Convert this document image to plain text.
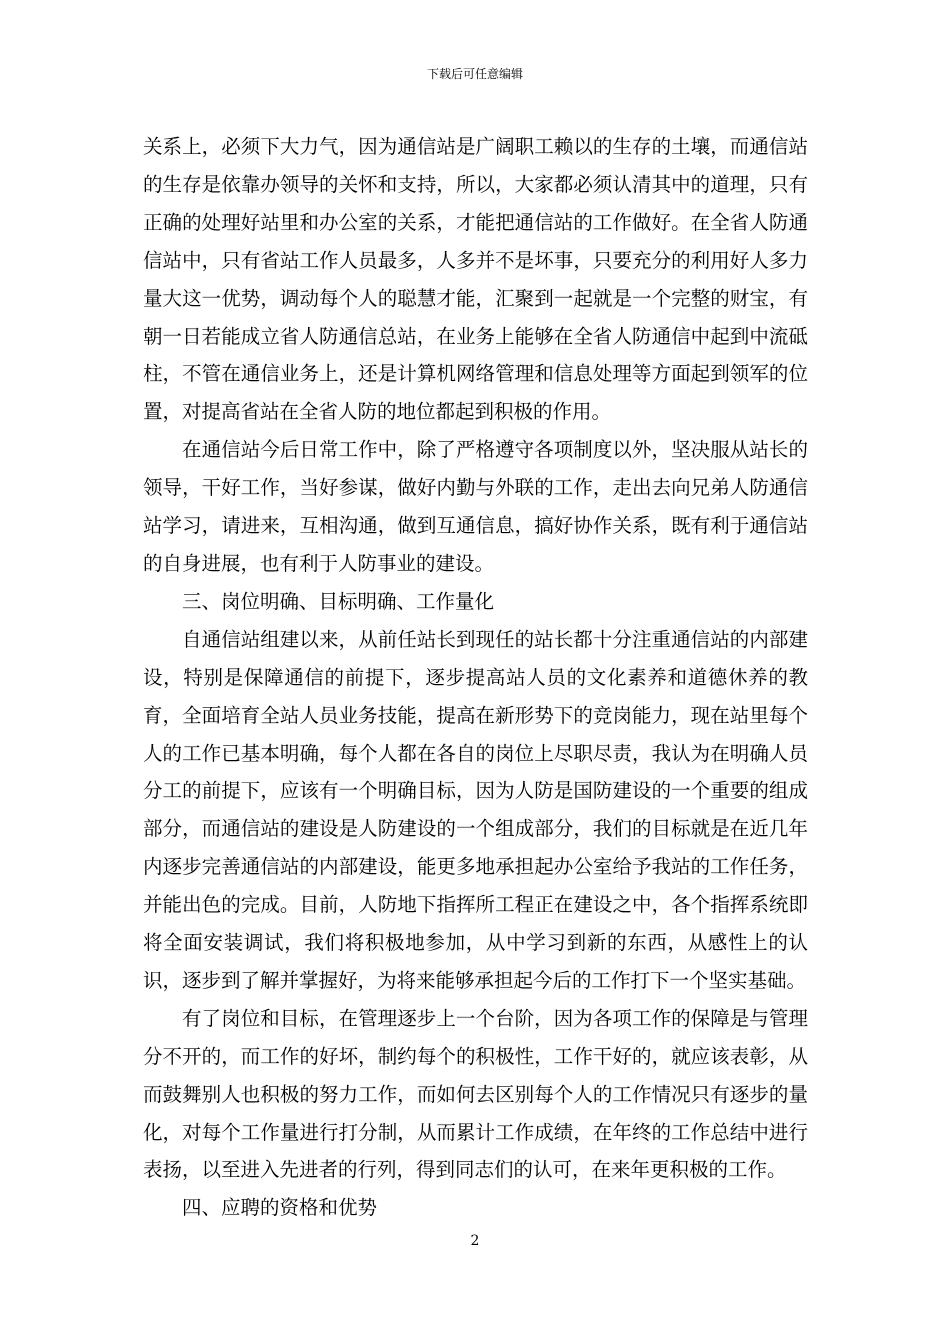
下载后可任意编辑

关系上，必须下大力气，因为通信站是广阔职工赖以的生存的土壤，而通信站的生存是依靠办领导的关怀和支持，所以，大家都必须认清其中的道理，只有正确的处理好站里和办公室的关系，才能把通信站的工作做好。在全省人防通信站中，只有省站工作人员最多，人多并不是坏事，只要充分的利用好人多力量大这一优势，调动每个人的聪慧才能，汇聚到一起就是一个完整的财宝，有朝一日若能成立省人防通信总站，在业务上能够在全省人防通信中起到中流砥柱，不管在通信业务上，还是计算机网络管理和信息处理等方面起到领军的位置，对提高省站在全省人防的地位都起到积极的作用。

在通信站今后日常工作中，除了严格遵守各项制度以外，坚决服从站长的领导，干好工作，当好参谋，做好内勤与外联的工作，走出去向兄弟人防通信站学习，请进来，互相沟通，做到互通信息，搞好协作关系，既有利于通信站的自身进展，也有利于人防事业的建设。

三、岗位明确、目标明确、工作量化

自通信站组建以来，从前任站长到现任的站长都十分注重通信站的内部建设，特别是保障通信的前提下，逐步提高站人员的文化素养和道德休养的教育，全面培育全站人员业务技能，提高在新形势下的竞岗能力，现在站里每个人的工作已基本明确，每个人都在各自的岗位上尽职尽责，我认为在明确人员分工的前提下，应该有一个明确目标，因为人防是国防建设的一个重要的组成部分，而通信站的建设是人防建设的一个组成部分，我们的目标就是在近几年内逐步完善通信站的内部建设，能更多地承担起办公室给予我站的工作任务，并能出色的完成。目前，人防地下指挥所工程正在建设之中，各个指挥系统即将全面安装调试，我们将积极地参加，从中学习到新的东西，从感性上的认识，逐步到了解并掌握好，为将来能够承担起今后的工作打下一个坚实基础。

有了岗位和目标，在管理逐步上一个台阶，因为各项工作的保障是与管理分不开的，而工作的好坏，制约每个的积极性，工作干好的，就应该表彰，从而鼓舞别人也积极的努力工作，而如何去区别每个人的工作情况只有逐步的量化，对每个工作量进行打分制，从而累计工作成绩，在年终的工作总结中进行表扬，以至进入先进者的行列，得到同志们的认可，在来年更积极的工作。

四、应聘的资格和优势

2
